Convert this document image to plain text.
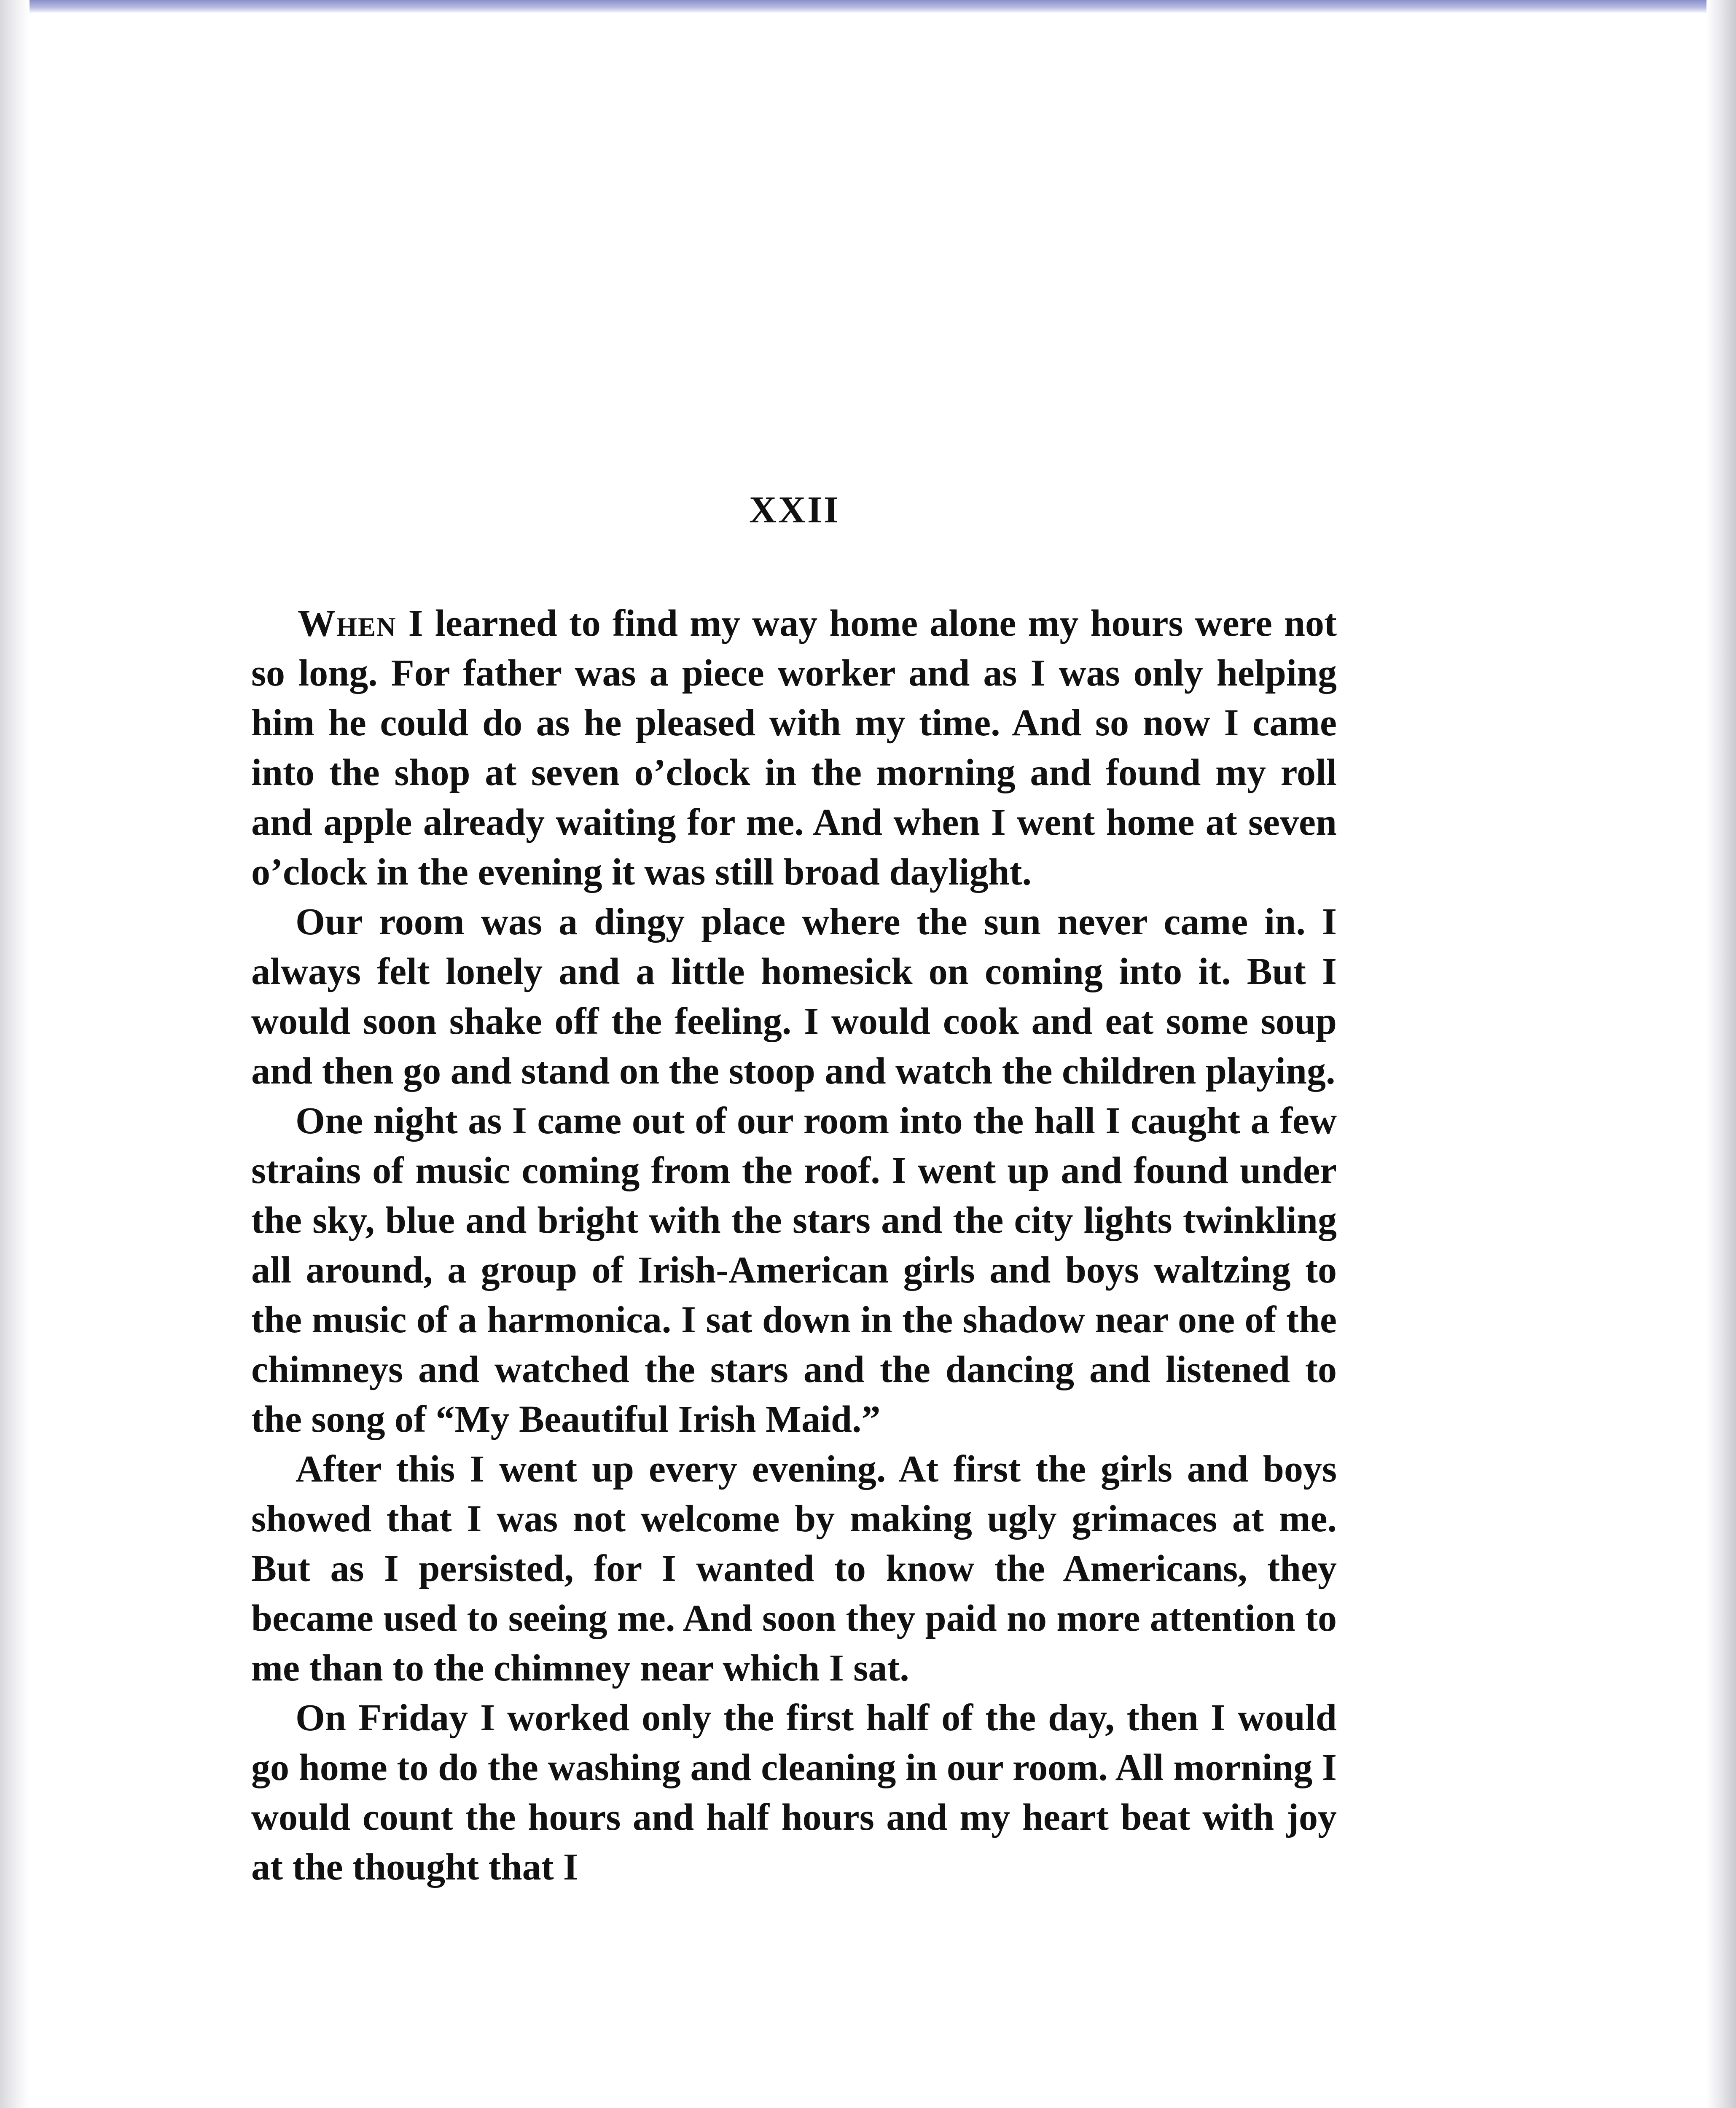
XXII

When I learned to find my way home alone my hours were not so long. For father was a piece worker and as I was only helping him he could do as he pleased with my time. And so now I came into the shop at seven o’clock in the morning and found my roll and apple already waiting for me. And when I went home at seven o’clock in the evening it was still broad daylight.

Our room was a dingy place where the sun never came in. I always felt lonely and a little homesick on coming into it. But I would soon shake off the feeling. I would cook and eat some soup and then go and stand on the stoop and watch the children playing.

One night as I came out of our room into the hall I caught a few strains of music coming from the roof. I went up and found under the sky, blue and bright with the stars and the city lights twinkling all around, a group of Irish-American girls and boys waltzing to the music of a harmonica. I sat down in the shadow near one of the chimneys and watched the stars and the dancing and listened to the song of “My Beautiful Irish Maid.”

After this I went up every evening. At first the girls and boys showed that I was not welcome by making ugly grimaces at me. But as I persisted, for I wanted to know the Americans, they became used to seeing me. And soon they paid no more attention to me than to the chimney near which I sat.

On Friday I worked only the first half of the day, then I would go home to do the washing and cleaning in our room. All morning I would count the hours and half hours and my heart beat with joy at the thought that I
